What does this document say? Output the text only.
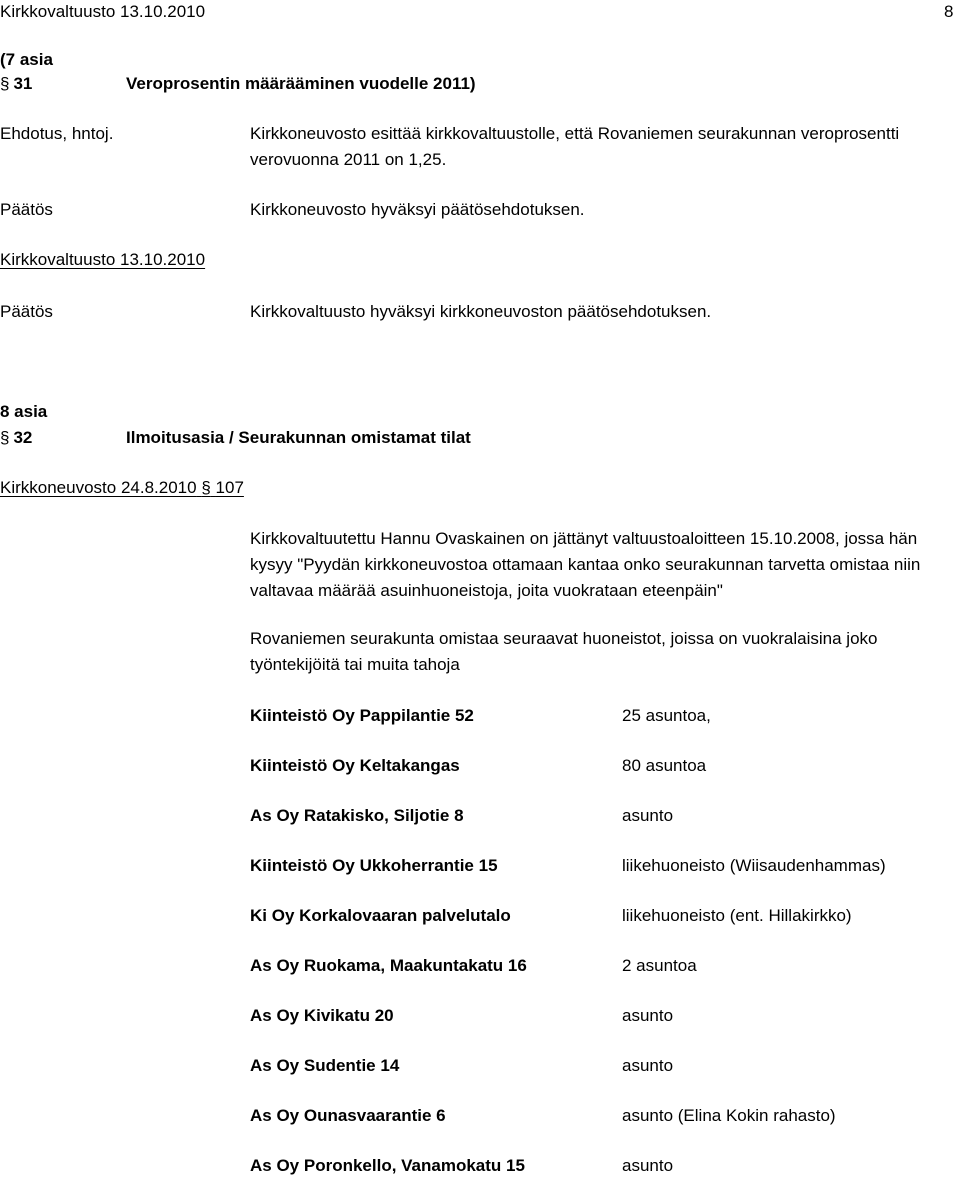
Kirkkovaltuusto 13.10.2010	8
(7 asia
§ 31	Veroprosentin määrääminen vuodelle 2011)
Ehdotus, hntoj.	Kirkkoneuvosto esittää kirkkovaltuustolle, että Rovaniemen seurakunnan veroprosentti verovuonna 2011 on 1,25.
Päätös	Kirkkoneuvosto hyväksyi päätösehdotuksen.
Kirkkovaltuusto 13.10.2010
Päätös	Kirkkovaltuusto hyväksyi kirkkoneuvoston päätösehdotuksen.
8 asia
§ 32	Ilmoitusasia / Seurakunnan omistamat tilat
Kirkkoneuvosto 24.8.2010 § 107
Kirkkovaltuutettu Hannu Ovaskainen on jättänyt valtuustoaloitteen 15.10.2008, jossa hän kysyy "Pyydän kirkkoneuvostoa ottamaan kantaa onko seurakunnan tarvetta omistaa niin valtavaa määrää asuinhuoneistoja, joita vuokrataan eteenpäin"
Rovaniemen seurakunta omistaa seuraavat huoneistot, joissa on vuokralaisina joko työntekijöitä tai muita tahoja
Kiinteistö Oy Pappilantie 52	25 asuntoa,
Kiinteistö Oy Keltakangas	80 asuntoa
As Oy Ratakisko, Siljotie 8	asunto
Kiinteistö Oy Ukkoherrantie 15	liikehuoneisto (Wiisaudenhammas)
Ki Oy Korkalovaaran palvelutalo	liikehuoneisto (ent. Hillakirkko)
As Oy Ruokama, Maakuntakatu 16	2 asuntoa
As Oy Kivikatu 20	asunto
As Oy Sudentie 14	asunto
As Oy Ounasvaarantie 6	asunto (Elina Kokin rahasto)
As Oy Poronkello, Vanamokatu 15	asunto
